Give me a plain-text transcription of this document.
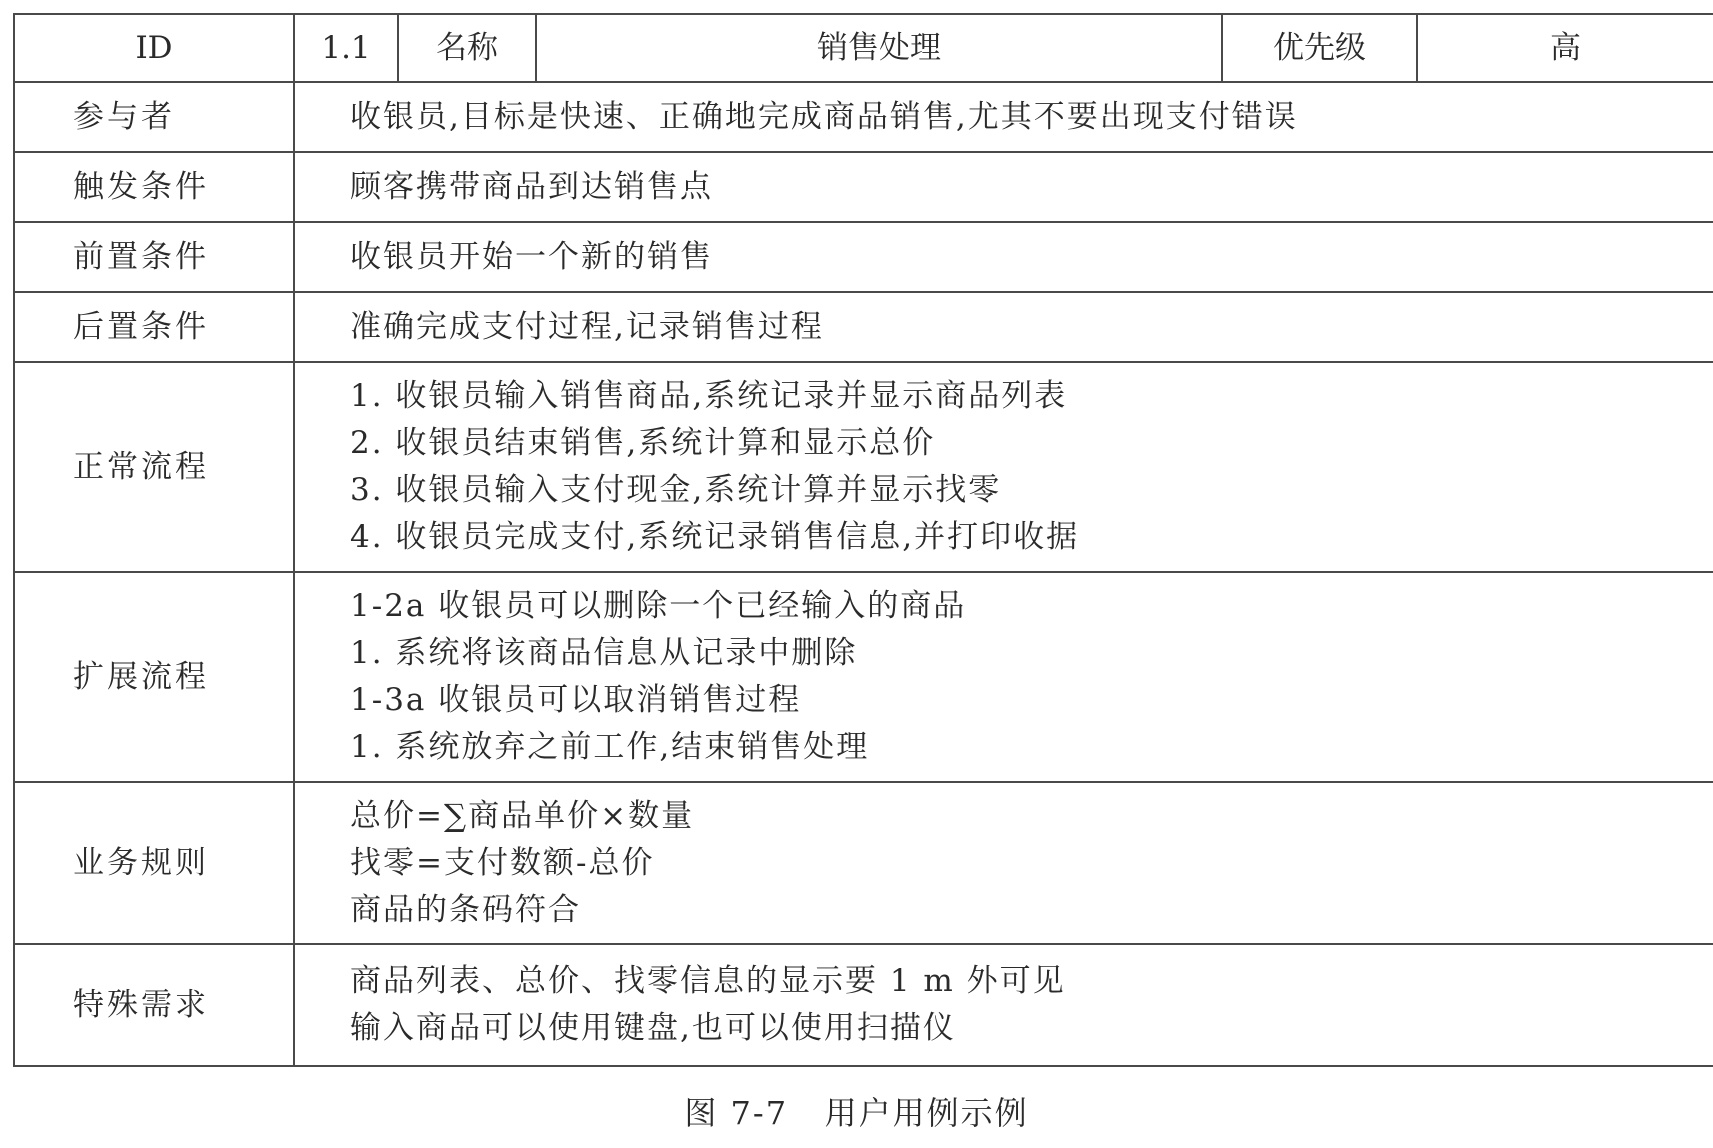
ID	1.1	名称	销售处理	优先级	高
参与者	收银员,目标是快速、正确地完成商品销售,尤其不要出现支付错误				

触发条件	顾客携带商品到达销售点				

前置条件	收银员开始一个新的销售				

后置条件	准确完成支付过程,记录销售过程				

正常流程	1. 收银员输入销售商品,系统记录并显示商品列表
2. 收银员结束销售,系统计算和显示总价
3. 收银员输入支付现金,系统计算并显示找零
4. 收银员完成支付,系统记录销售信息,并打印收据				

扩展流程	1-2a 收银员可以删除一个已经输入的商品
1. 系统将该商品信息从记录中删除
1-3a 收银员可以取消销售过程
1. 系统放弃之前工作,结束销售处理				

业务规则	总价=∑商品单价×数量
找零=支付数额-总价
商品的条码符合				

特殊需求	商品列表、总价、找零信息的显示要 1 m 外可见
输入商品可以使用键盘,也可以使用扫描仪				
图 7-7   用户用例示例
